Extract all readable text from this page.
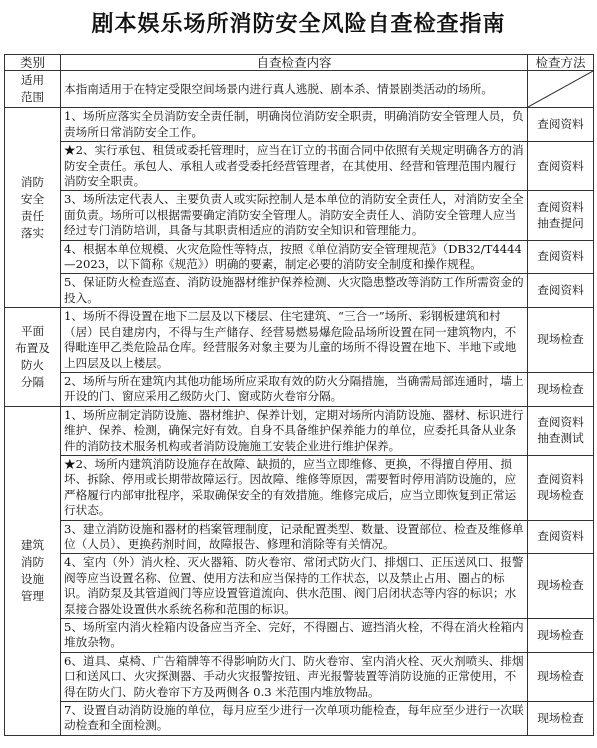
剧本娱乐场所消防安全风险自查检查指南
类别	自查检查内容	检查方法

适用
范围	本指南适用于在特定受限空间场景内进行真人逃脱、剧本杀、情景剧类活动的场所。	

消防
安全
责任
落实	1、场所应落实全员消防安全责任制，明确岗位消防安全职责，明确消防安全管理人员，负责场所日常消防安全工作。	查阅资料

	★2、实行承包、租赁或委托管理时，应当在订立的书面合同中依照有关规定明确各方的消防安全责任。承包人、承租人或者受委托经营管理者，在其使用、经营和管理范围内履行消防安全职责。	查阅资料

	3、场所法定代表人、主要负责人或实际控制人是本单位的消防安全责任人，对消防安全全面负责。场所可以根据需要确定消防安全管理人。消防安全责任人、消防安全管理人应当经过专门消防培训，具备与其职责相适应的消防安全知识和管理能力。	查阅资料
抽查提问

	4、根据本单位规模、火灾危险性等特点，按照《单位消防安全管理规范》（DB32/T4444—2023，以下简称《规范》）明确的要素，制定必要的消防安全制度和操作规程。	查阅资料

	5、保证防火检查巡查、消防设施器材维护保养检测、火灾隐患整改等消防工作所需资金的投入。	查阅资料

平面
布置及
防火
分隔	1、场所不得设置在地下二层及以下楼层、住宅建筑、“三合一”场所、彩钢板建筑和村（居）民自建房内，不得与生产储存、经营易燃易爆危险品场所设置在同一建筑物内，不得毗连甲乙类危险品仓库。经营服务对象主要为儿童的场所不得设置在地下、半地下或地上四层及以上楼层。	现场检查

	2、场所与所在建筑内其他功能场所应采取有效的防火分隔措施，当确需局部连通时，墙上开设的门、窗应采用乙级防火门、窗或防火卷帘分隔。	现场检查

建筑
消防
设施
管理	1、场所应制定消防设施、器材维护、保养计划，定期对场所内消防设施、器材、标识进行维护、保养、检测，确保完好有效。自身不具备维护保养能力的单位，应委托具备从业条件的消防技术服务机构或者消防设施施工安装企业进行维护保养。	查阅资料
抽查测试

	★2、场所内建筑消防设施存在故障、缺损的，应当立即维修、更换，不得擅自停用、损坏、拆除、停用或长期带故障运行。因故障、维修等原因，需要暂时停用消防设施的，应严格履行内部审批程序，采取确保安全的有效措施。维修完成后，应当立即恢复到正常运行状态。	查阅资料
现场检查

	3、建立消防设施和器材的档案管理制度，记录配置类型、数量、设置部位、检查及维修单位（人员）、更换药剂时间，故障报告、修理和消除等有关情况。	查阅资料

	4、室内（外）消火栓、灭火器箱、防火卷帘、常闭式防火门、排烟口、正压送风口、报警阀等应当设置名称、位置、使用方法和应当保持的工作状态，以及禁止占用、圈占的标识。消防泵及其管道阀门等应设置管道流向、供水范围、阀门启闭状态等内容的标识；水泵接合器处设置供水系统名称和范围的标识。	现场检查

	5、场所室内消火栓箱内设备应当齐全、完好，不得圈占、遮挡消火栓，不得在消火栓箱内堆放杂物。	现场检查

	6、道具、桌椅、广告箱牌等不得影响防火门、防火卷帘、室内消火栓、灭火剂喷头、排烟口和送风口、火灾探测器、手动火灾报警按钮、声光报警装置等消防设施的正常使用，不得在防火门、防火卷帘下方及两侧各 0.3 米范围内堆放物品。	现场检查

	7、设置自动消防设施的单位，每月应至少进行一次单项功能检查，每年应至少进行一次联动检查和全面检测。	现场检查
